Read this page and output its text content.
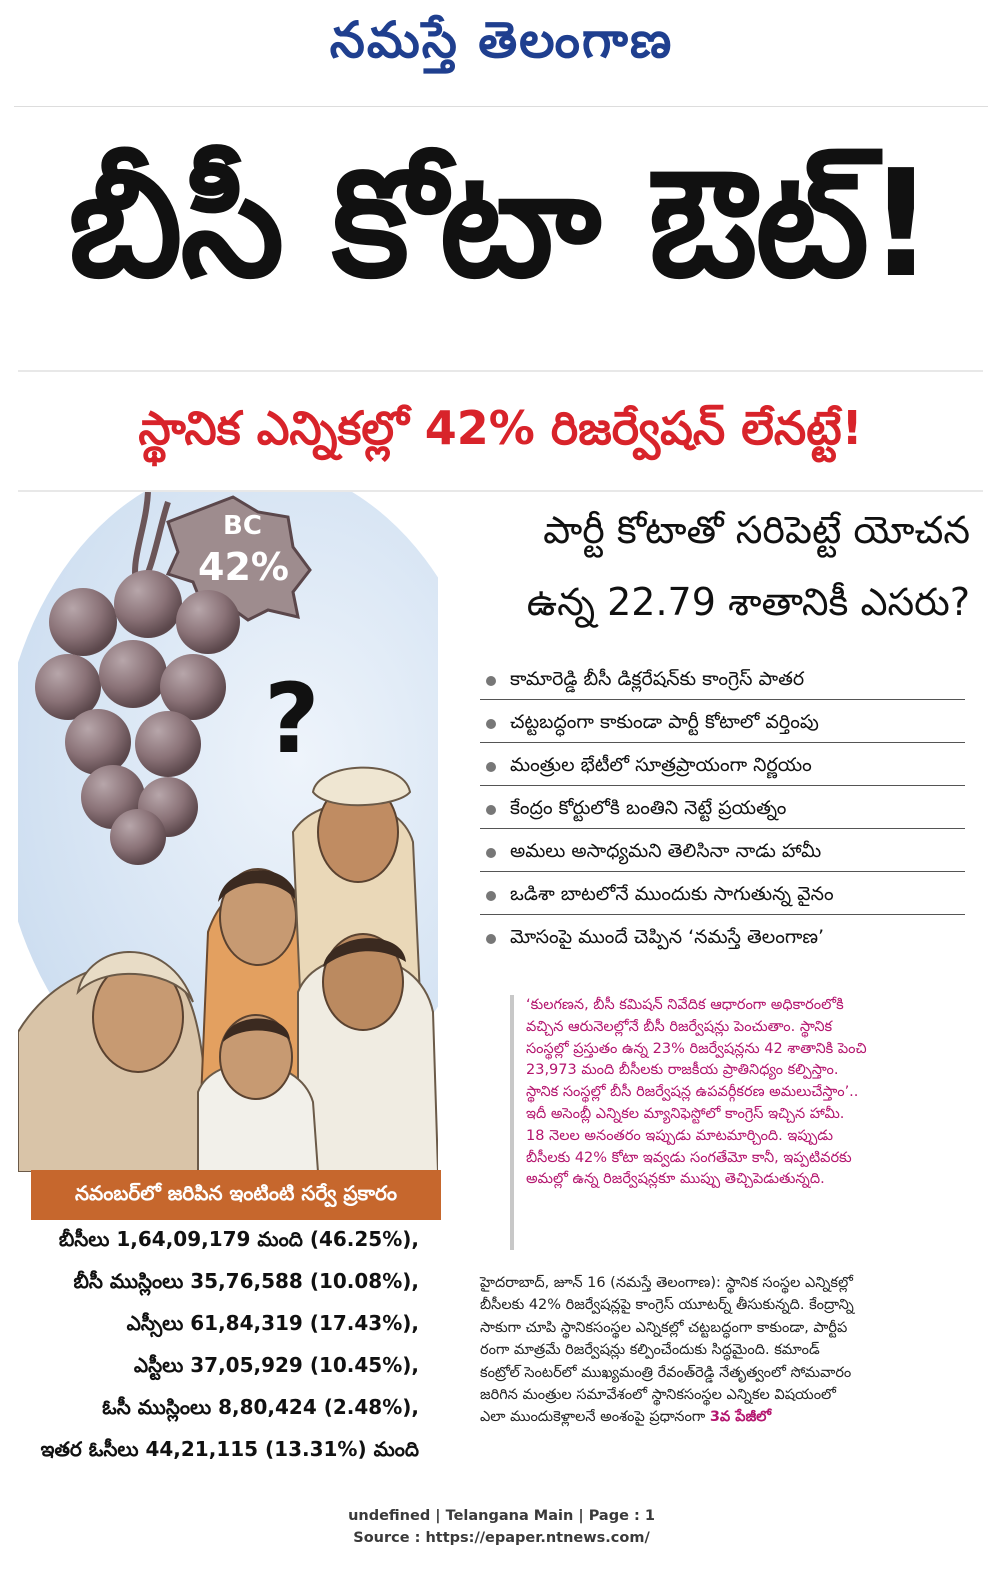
నమస్తే తెలంగాణ
బీసీ కోటా ఔట్!
స్థానిక ఎన్నికల్లో 42% రిజర్వేషన్ లేనట్టే!
BC
42%
?
పార్టీ కోటాతో సరిపెట్టే యోచన
ఉన్న 22.79 శాతానికీ ఎసరు?
కామారెడ్డి బీసీ డిక్లరేషన్‌కు కాంగ్రెస్ పాతర
చట్టబద్ధంగా కాకుండా పార్టీ కోటాలో వర్తింపు
మంత్రుల భేటీలో సూత్రప్రాయంగా నిర్ణయం
కేంద్రం కోర్టులోకి బంతిని నెట్టే ప్రయత్నం
అమలు అసాధ్యమని తెలిసినా నాడు హామీ
ఒడిశా బాటలోనే ముందుకు సాగుతున్న వైనం
మోసంపై ముందే చెప్పిన ‘నమస్తే తెలంగాణ’

‘కులగణన, బీసీ కమిషన్ నివేదిక ఆధారంగా అధికారంలోకి

వచ్చిన ఆరునెలల్లోనే బీసీ రిజర్వేషన్లు పెంచుతాం. స్థానిక

సంస్థల్లో ప్రస్తుతం ఉన్న 23% రిజర్వేషన్లను 42 శాతానికి పెంచి

23,973 మంది బీసీలకు రాజకీయ ప్రాతినిధ్యం కల్పిస్తాం.

స్థానిక సంస్థల్లో బీసీ రిజర్వేషన్ల ఉపవర్గీకరణ అమలుచేస్తాం’..

ఇదీ అసెంబ్లీ ఎన్నికల మ్యానిఫెస్టోలో కాంగ్రెస్ ఇచ్చిన హామీ.

18 నెలల అనంతరం ఇప్పుడు మాటమార్చింది. ఇప్పుడు

బీసీలకు 42% కోటా ఇవ్వడు సంగతేమో కానీ, ఇప్పటివరకు

అమల్లో ఉన్న రిజర్వేషన్లకూ ముప్పు తెచ్చిపెడుతున్నది.

హైదరాబాద్, జూన్ 16 (నమస్తే తెలంగాణ): స్థానిక సంస్థల ఎన్నికల్లో

బీసీలకు 42% రిజర్వేషన్లపై కాంగ్రెస్ యూటర్న్ తీసుకున్నది. కేంద్రాన్ని

సాకుగా చూపి స్థానికసంస్థల ఎన్నికల్లో చట్టబద్ధంగా కాకుండా, పార్టీప

రంగా మాత్రమే రిజర్వేషన్లు కల్పించేందుకు సిద్ధమైంది. కమాండ్

కంట్రోల్ సెంటర్‌లో ముఖ్యమంత్రి రేవంత్‌రెడ్డి నేతృత్వంలో సోమవారం

జరిగిన మంత్రుల సమావేశంలో స్థానికసంస్థల ఎన్నికల విషయంలో

ఎలా ముందుకెళ్లాలనే అంశంపై ప్రధానంగా 3వ పేజీలో

నవంబర్‌లో జరిపిన ఇంటింటి సర్వే ప్రకారం
బీసీలు 1,64,09,179 మంది (46.25%),
బీసీ ముస్లింలు 35,76,588 (10.08%),
ఎస్సీలు 61,84,319 (17.43%),
ఎస్టీలు 37,05,929 (10.45%),
ఓసీ ముస్లింలు 8,80,424 (2.48%),
ఇతర ఓసీలు 44,21,115 (13.31%) మంది
undefined | Telangana Main | Page : 1
Source : https://epaper.ntnews.com/
